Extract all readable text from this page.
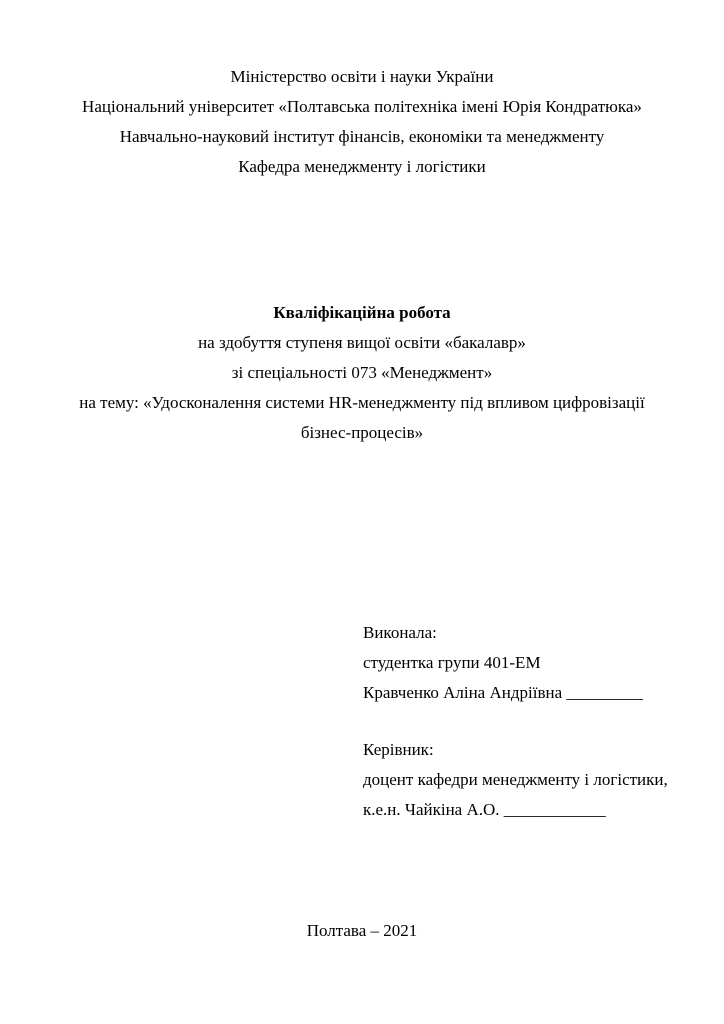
Міністерство освіти і науки України

Національний університет «Полтавська політехніка імені Юрія Кондратюка»

Навчально-науковий інститут фінансів, економіки та менеджменту

Кафедра менеджменту і логістики

Кваліфікаційна робота

на здобуття ступеня вищої освіти «бакалавр»

зі спеціальності 073 «Менеджмент»

на тему: «Удосконалення системи HR-менеджменту під впливом цифровізації

бізнес-процесів»

Виконала:

студентка групи 401-ЕМ

Кравченко Аліна Андріївна _________

Керівник:

доцент кафедри менеджменту і логістики,

к.е.н. Чайкіна А.О. ____________

Полтава – 2021
